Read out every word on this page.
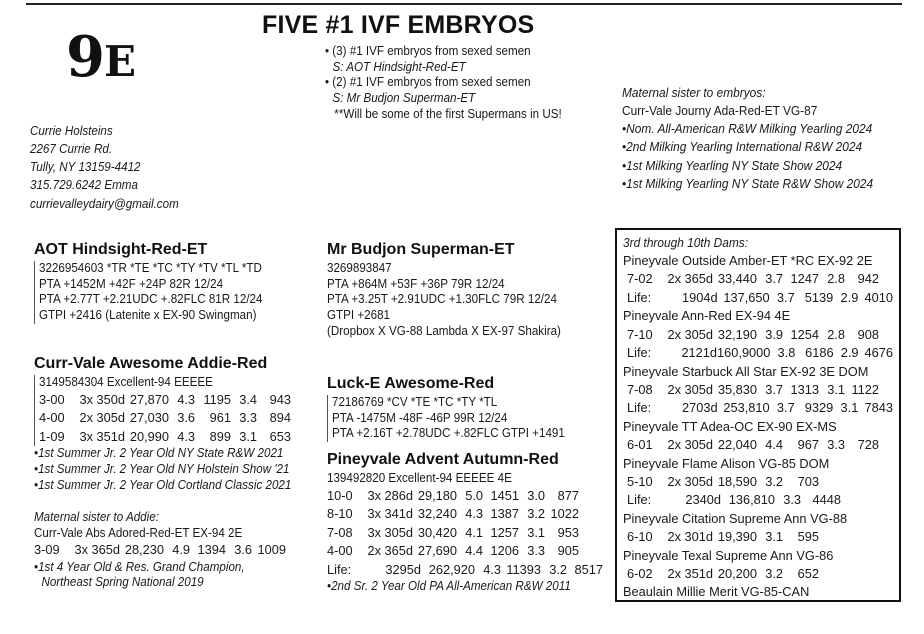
9E
FIVE #1 IVF EMBRYOS
• (3) #1 IVF embryos from sexed semen
S: AOT Hindsight-Red-ET
• (2) #1 IVF embryos from sexed semen
S: Mr Budjon Superman-ET
**Will be some of the first Supermans in US!
Currie Holsteins
2267 Currie Rd.
Tully, NY 13159-4412
315.729.6242 Emma
currievalleydairy@gmail.com
Maternal sister to embryos:
Curr-Vale Journy Ada-Red-ET VG-87
•Nom. All-American R&W Milking Yearling 2024
•2nd Milking Yearling International R&W 2024
•1st Milking Yearling NY State Show 2024
•1st Milking Yearling NY State R&W Show 2024
AOT Hindsight-Red-ET
3226954603 *TR *TE *TC *TY *TV *TL *TD
PTA +1452M +42F +24P 82R 12/24
PTA +2.77T +2.21UDC +.82FLC 81R 12/24
GTPI +2416 (Latenite x EX-90 Swingman)
Curr-Vale Awesome Addie-Red
3149584304 Excellent-94 EEEEE
3-00	3x 350d 27,870 4.3 1195 3.4 943
4-00	2x 305d 27,030 3.6	961 3.3 894
1-09	3x 351d 20,990 4.3	899 3.1 653
•1st Summer Jr. 2 Year Old NY State R&W 2021
•1st Summer Jr. 2 Year Old NY Holstein Show '21
•1st Summer Jr. 2 Year Old Cortland Classic 2021
Maternal sister to Addie:
Curr-Vale Abs Adored-Red-ET EX-94 2E
3-09	3x 365d 28,230 4.9 1394 3.6 1009
•1st 4 Year Old & Res. Grand Champion,
Northeast Spring National 2019
Mr Budjon Superman-ET
3269893847
PTA +864M +53F +36P 79R 12/24
PTA +3.25T +2.91UDC +1.30FLC 79R 12/24
GTPI +2681
(Dropbox X VG-88 Lambda X EX-97 Shakira)
Luck-E Awesome-Red
72186769 *CV *TE *TC *TY *TL
PTA -1475M -48F -46P 99R 12/24
PTA +2.16T +2.78UDC +.82FLC GTPI +1491
Pineyvale Advent Autumn-Red
139492820 Excellent-94 EEEEE 4E
10-0	3x 286d 29,180 5.0 1451 3.0 877
8-10	3x 341d 32,240 4.3 1387 3.2 1022
7-08	3x 305d 30,420 4.1 1257 3.1 953
4-00	2x 365d 27,690 4.4 1206 3.3 905
Life:	3295d 262,920 4.3 11393 3.2 8517
•2nd Sr. 2 Year Old PA All-American R&W 2011
3rd through 10th Dams:
Pineyvale Outside Amber-ET *RC EX-92 2E
7-02	2x 365d 33,440 3.7 1247 2.8 942
Life:	1904d 137,650 3.7 5139 2.9 4010
Pineyvale Ann-Red EX-94 4E
7-10	2x 305d 32,190 3.9 1254 2.8 908
Life:	2121d 160,9000 3.8 6186 2.9 4676
Pineyvale Starbuck All Star EX-92 3E DOM
7-08	2x 305d 35,830 3.7 1313 3.1 1122
Life:	2703d 253,810 3.7 9329 3.1 7843
Pineyvale TT Adea-OC EX-90 EX-MS
6-01	2x 305d 22,040 4.4	967 3.3 728
Pineyvale Flame Alison VG-85 DOM
5-10	2x 305d 18,590 3.2	703
Life:	2340d 136,810 3.3 4448
Pineyvale Citation Supreme Ann VG-88
6-10	2x 301d 19,390 3.1	595
Pineyvale Texal Supreme Ann VG-86
6-02	2x 351d 20,200 3.2	652
Beaulain Millie Merit VG-85-CAN
